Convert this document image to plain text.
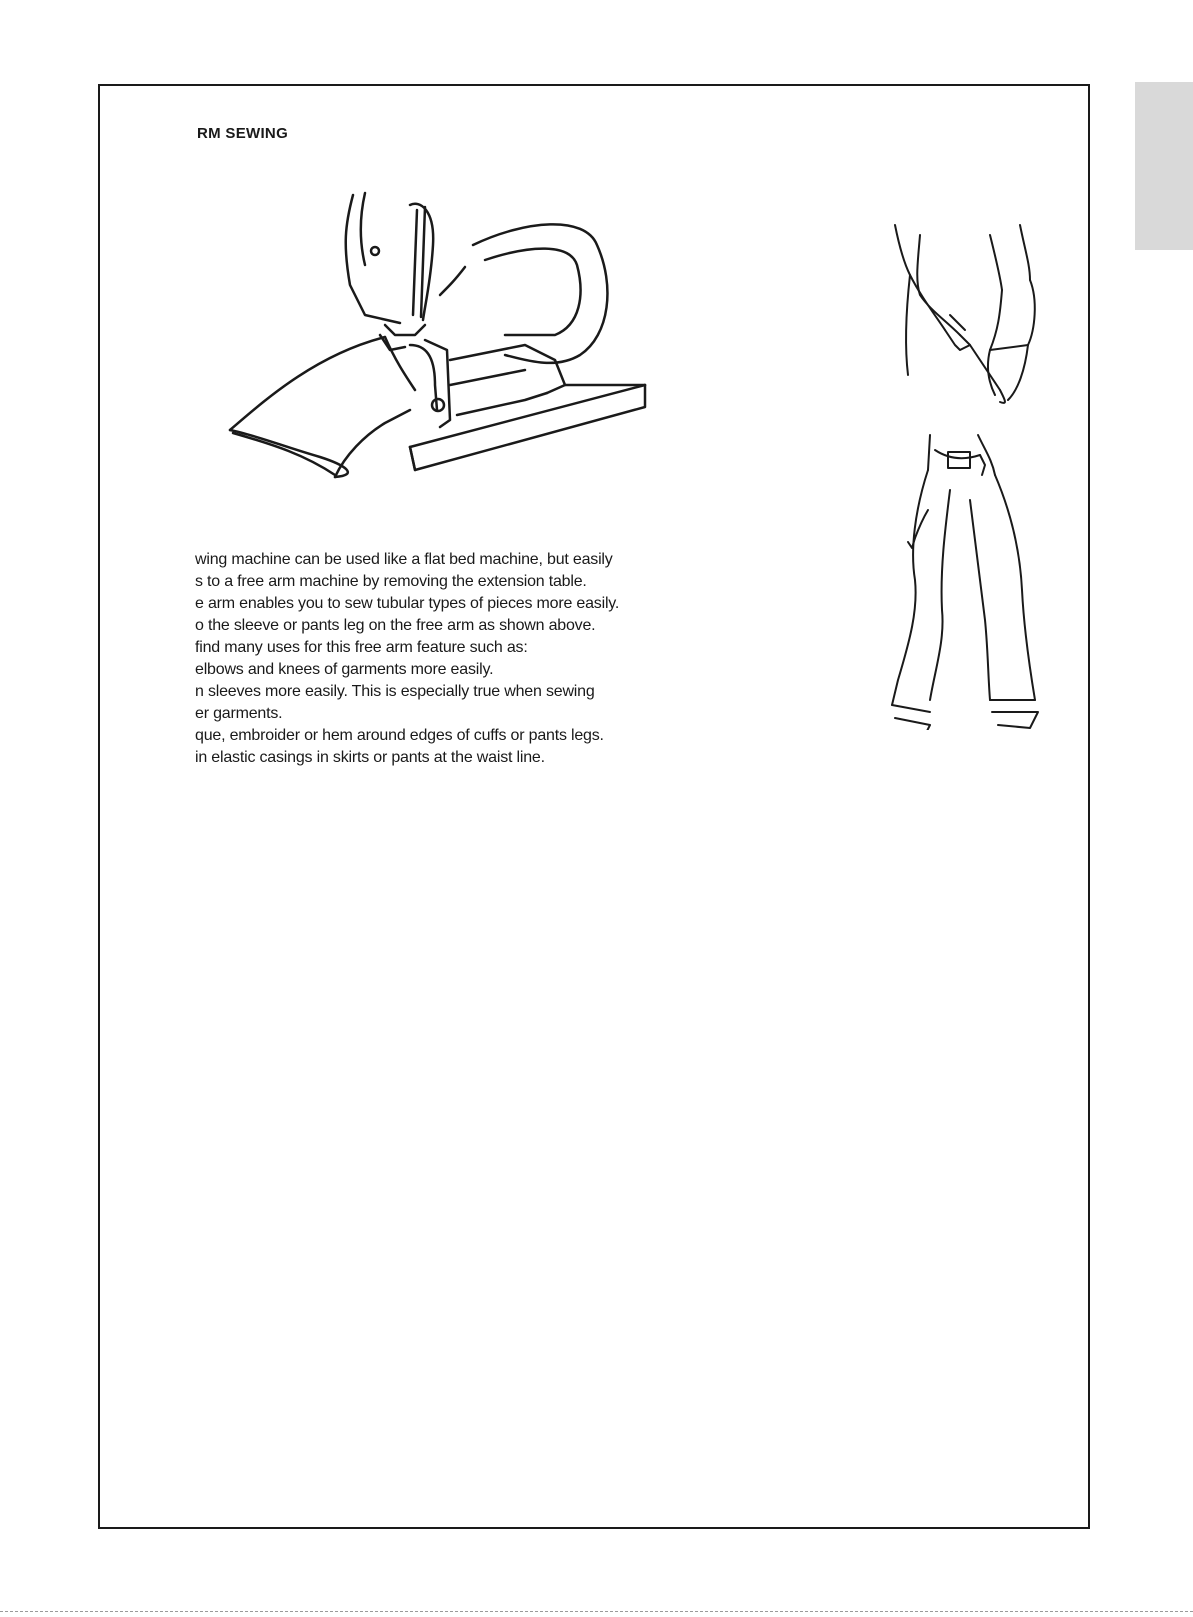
RM SEWING
wing machine can be used like a flat bed machine, but easily
s to a free arm machine by removing the extension table.
e arm enables you to sew tubular types of pieces more easily.
o the sleeve or pants leg on the free arm as shown above.
find many uses for this free arm feature such as:
elbows and knees of garments more easily.
n sleeves more easily. This is especially true when sewing
er garments.
que, embroider or hem around edges of cuffs or pants legs.
in elastic casings in skirts or pants at the waist line.
